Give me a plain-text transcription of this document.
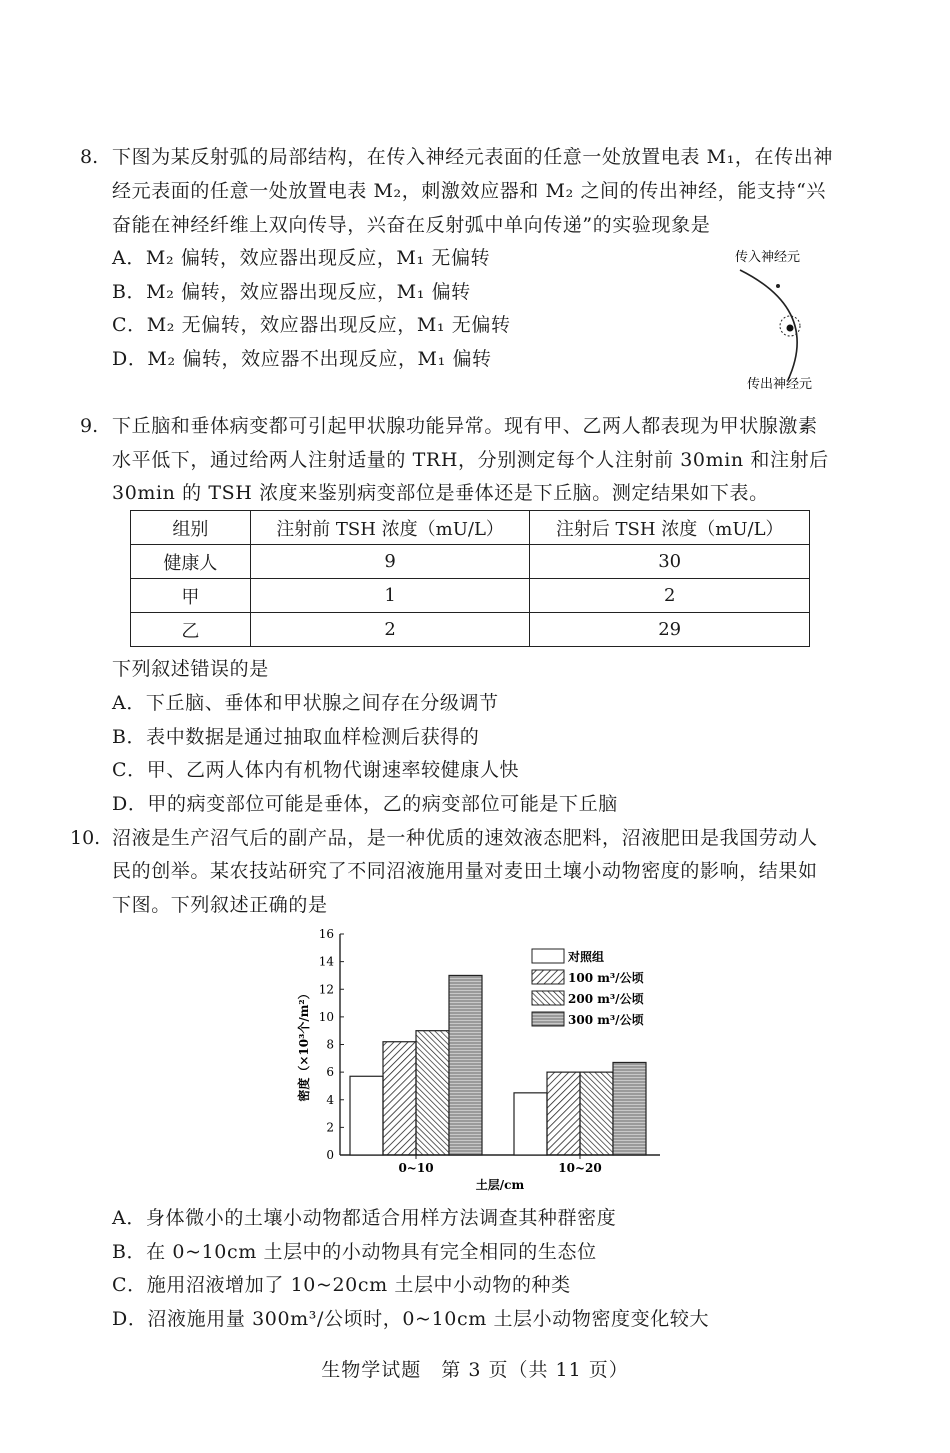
8. 下图为某反射弧的局部结构，在传入神经元表面的任意一处放置电表 M₁，在传出神
经元表面的任意一处放置电表 M₂，刺激效应器和 M₂ 之间的传出神经，能支持“兴
奋能在神经纤维上双向传导，兴奋在反射弧中单向传递”的实验现象是
A．M₂ 偏转，效应器出现反应，M₁ 无偏转
B．M₂ 偏转，效应器出现反应，M₁ 偏转
C．M₂ 无偏转，效应器出现反应，M₁ 无偏转
D．M₂ 偏转，效应器不出现反应，M₁ 偏转
传入神经元
传出神经元
9. 下丘脑和垂体病变都可引起甲状腺功能异常。现有甲、乙两人都表现为甲状腺激素
水平低下，通过给两人注射适量的 TRH，分别测定每个人注射前 30min 和注射后
30min 的 TSH 浓度来鉴别病变部位是垂体还是下丘脑。测定结果如下表。
组别	注射前 TSH 浓度（mU/L）	注射后 TSH 浓度（mU/L）
健康人	9	30
甲	1	2
乙	2	29
下列叙述错误的是
A．下丘脑、垂体和甲状腺之间存在分级调节
B．表中数据是通过抽取血样检测后获得的
C．甲、乙两人体内有机物代谢速率较健康人快
D．甲的病变部位可能是垂体，乙的病变部位可能是下丘脑
10. 沼液是生产沼气后的副产品，是一种优质的速效液态肥料，沼液肥田是我国劳动人
民的创举。某农技站研究了不同沼液施用量对麦田土壤小动物密度的影响，结果如
下图。下列叙述正确的是
0
2
4
6
8
10
12
14
16
密度（×10³个/m²）
土层/cm
0~10	10~20
对照组
100 m³/公顷
200 m³/公顷
300 m³/公顷
A．身体微小的土壤小动物都适合用样方法调查其种群密度
B．在 0~10cm 土层中的小动物具有完全相同的生态位
C．施用沼液增加了 10~20cm 土层中小动物的种类
D．沼液施用量 300m³/公顷时，0~10cm 土层小动物密度变化较大
生物学试题　第 3 页（共 11 页）
